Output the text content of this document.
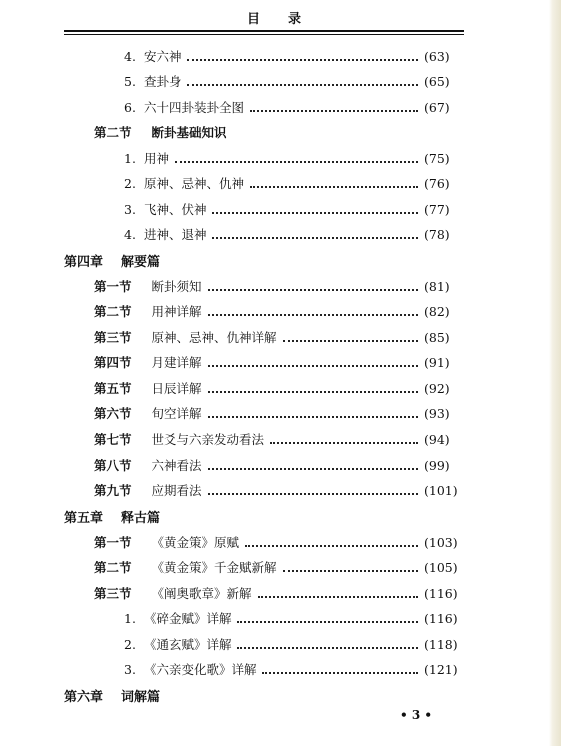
目录
4. 安六神	(63)
5. 查卦身	(65)
6. 六十四卦装卦全图	(67)
第二节 断卦基础知识
1. 用神	(75)
2. 原神、忌神、仇神	(76)
3. 飞神、伏神	(77)
4. 进神、退神	(78)
第四章 解要篇
第一节 断卦须知	(81)
第二节 用神详解	(82)
第三节 原神、忌神、仇神详解	(85)
第四节 月建详解	(91)
第五节 日辰详解	(92)
第六节 旬空详解	(93)
第七节 世爻与六亲发动看法	(94)
第八节 六神看法	(99)
第九节 应期看法	(101)
第五章 释古篇
第一节 《黄金策》原赋	(103)
第二节 《黄金策》千金赋新解	(105)
第三节 《阐奥歌章》新解	(116)
1. 《碎金赋》详解	(116)
2. 《通玄赋》详解	(118)
3. 《六亲变化歌》详解	(121)
第六章 词解篇
• 3 •
